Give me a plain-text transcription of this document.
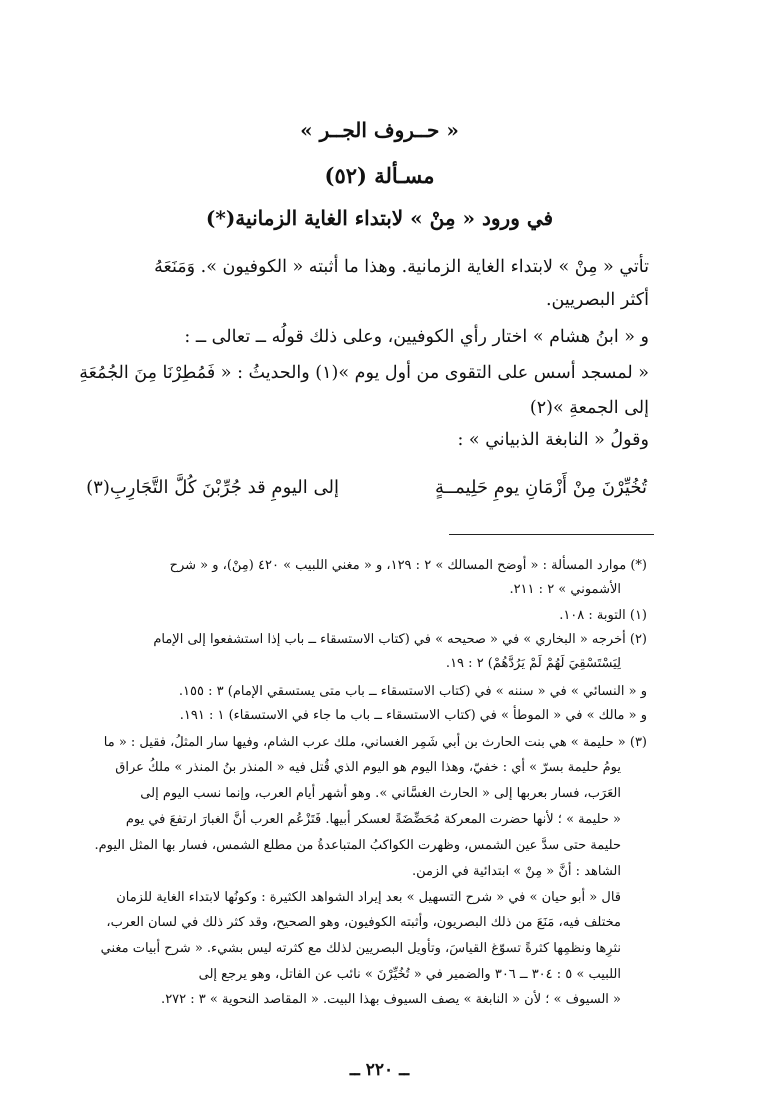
« حــروف الجــر »
مسـألة (٥٢)
في ورود « مِنْ » لابتداء الغاية الزمانية(*)
تأتي « مِنْ » لابتداء الغاية الزمانية. وهذا ما أثبته « الكوفيون ». وَمَنَعَهُ
أكثر البصريين.
و « ابنُ هشام » اختار رأي الكوفيين، وعلى ذلك قولُه ــ تعالى ــ :
« لمسجد أسس على التقوى من أول يوم »(١) والحديثُ : « فَمُطِرْنَا مِنَ الجُمُعَةِ
إلى الجمعةِ »(٢)
وقولُ « النابغة الذبياني » :
تُخُيِّرْنَ مِنْ أَزْمَانِ يومِ حَلِيمــةٍ
إلى اليومِ قد جُرِّبْنَ كُلَّ التَّجَارِبِ(٣)
(*) موارد المسألة : « أوضح المسالك » ٢ : ١٢٩، و « مغني اللبيب » ٤٢٠ (مِنْ)، و « شرح
الأشموني » ٢ : ٢١١.
(١) التوبة : ١٠٨.
(٢) أخرجه « البخاري » في « صحيحه » في (كتاب الاستسقاء ــ باب إذا استشفعوا إلى الإمام
لِيَسْتَسْقِيَ لَهُمْ لَمْ يَرُدَّهُمْ) ٢ : ١٩.
و « النسائي » في « سننه » في (كتاب الاستسقاء ــ باب متى يستسقي الإمام) ٣ : ١٥٥.
و « مالك » في « الموطأ » في (كتاب الاستسقاء ــ باب ما جاء في الاستسقاء) ١ : ١٩١.
(٣) « حليمة » هي بنت الحارث بن أبي شَمِر الغساني، ملك عرب الشام، وفيها سار المثلُ، فقيل : « ما
يومُ حليمة بسرّ » أي : خفيّ، وهذا اليوم هو اليوم الذي قُتل فيه « المنذر بنُ المنذر » ملكُ عراق
العَرَب، فسار بعربها إلى « الحارث الغسَّاني ». وهو أشهر أيام العرب، وإنما نسب اليوم إلى
« حليمة » ؛ لأنها حضرت المعركة مُحَضِّضَةً لعسكر أبيها. فَتَزْعُم العرب أنَّ الغبارَ ارتفعَ في يوم
حليمة حتى سدَّ عين الشمس، وظهرت الكواكبُ المتباعدةُ من مطلع الشمس، فسار بها المثل اليوم.
الشاهد : أنَّ « مِنْ » ابتدائية في الزمن.
قال « أبو حيان » في « شرح التسهيل » بعد إيراد الشواهد الكثيرة : وكونُها لابتداء الغاية للزمان
مختلف فيه، مَنَعَ من ذلك البصريون، وأثبته الكوفيون، وهو الصحيح، وقد كثر ذلك في لسان العرب،
نثرِها ونظمِها كثرةً تسوّغ القياسَ، وتأويل البصريين لذلك مع كثرته ليس بشيء. « شرح أبيات مغني
اللبيب » ٥ : ٣٠٤ ــ ٣٠٦ والضمير في « تُخُيِّرْنَ » نائب عن الفاتل، وهو يرجع إلى
« السيوف » ؛ لأن « النابغة » يصف السيوف بهذا البيت. « المقاصد النحوية » ٣ : ٢٧٢.
ــ ٢٢٠ ــ
